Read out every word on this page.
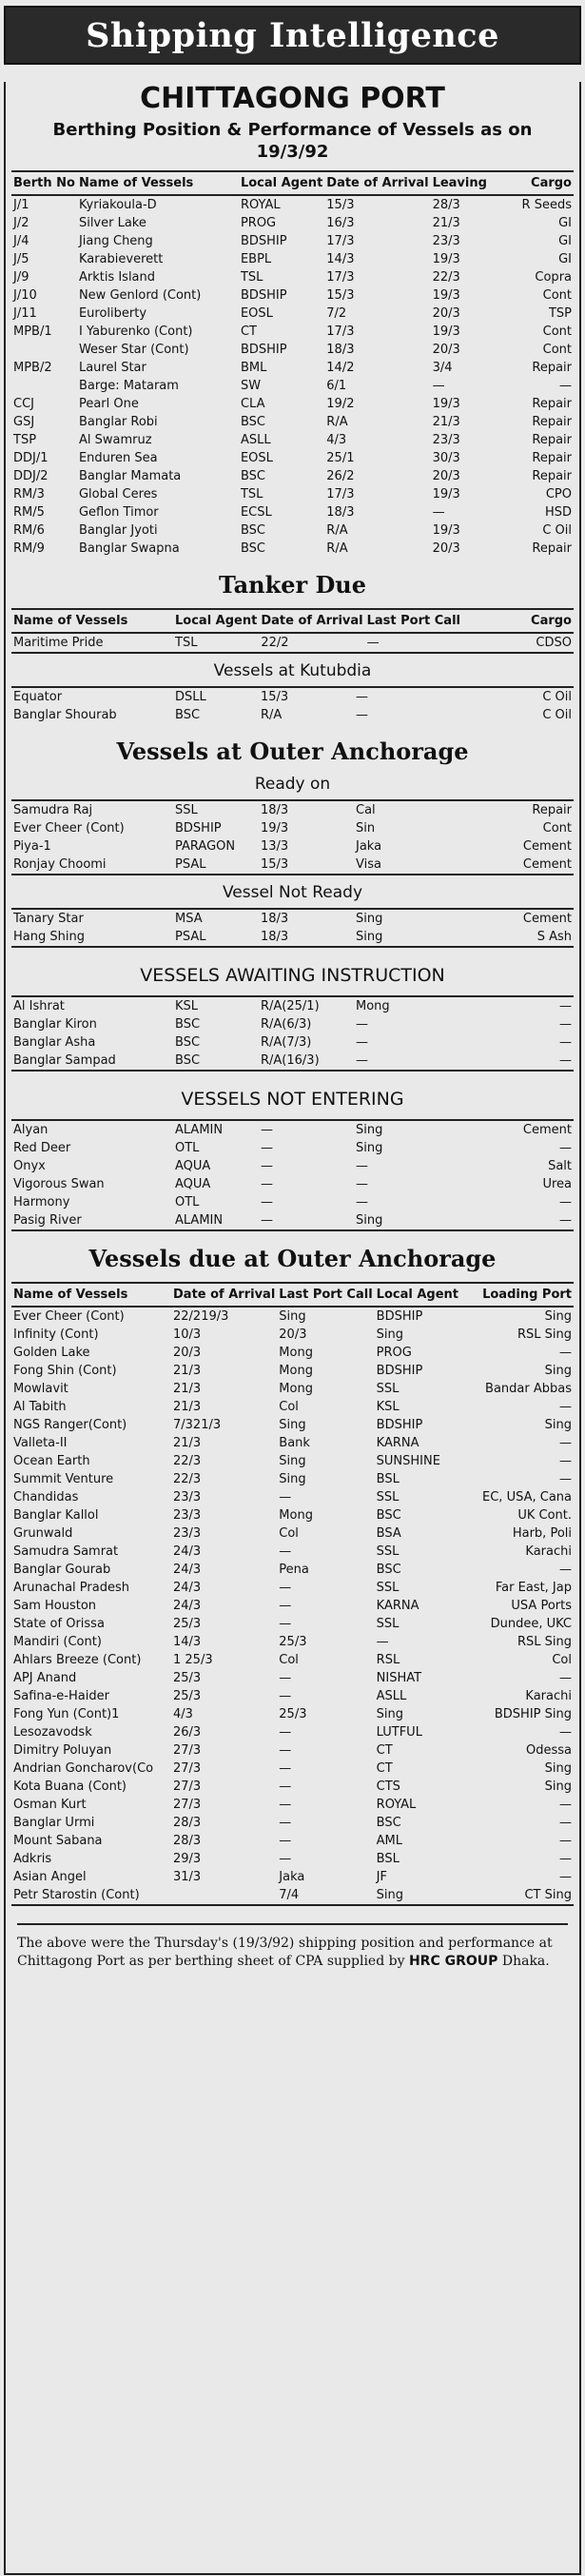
Shipping Intelligence
CHITTAGONG PORT
Berthing Position & Performance of Vessels as on 19/3/92
Berth No	Name of Vessels	Local Agent	Date of Arrival	Leaving	Cargo
J/1	Kyriakoula-D	ROYAL	15/3	28/3	R Seeds
J/2	Silver Lake	PROG	16/3	21/3	GI
J/4	Jiang Cheng	BDSHIP	17/3	23/3	GI
J/5	Karabieverett	EBPL	14/3	19/3	GI
J/9	Arktis Island	TSL	17/3	22/3	Copra
J/10	New Genlord (Cont)	BDSHIP	15/3	19/3	Cont
J/11	Euroliberty	EOSL	7/2	20/3	TSP
MPB/1	I Yaburenko (Cont)	CT	17/3	19/3	Cont
	Weser Star (Cont)	BDSHIP	18/3	20/3	Cont
MPB/2	Laurel Star	BML	14/2	3/4	Repair
	Barge: Mataram	SW	6/1	—	—
CCJ	Pearl One	CLA	19/2	19/3	Repair
GSJ	Banglar Robi	BSC	R/A	21/3	Repair
TSP	Al Swamruz	ASLL	4/3	23/3	Repair
DDJ/1	Enduren Sea	EOSL	25/1	30/3	Repair
DDJ/2	Banglar Mamata	BSC	26/2	20/3	Repair
RM/3	Global Ceres	TSL	17/3	19/3	CPO
RM/5	Geflon Timor	ECSL	18/3	—	HSD
RM/6	Banglar Jyoti	BSC	R/A	19/3	C Oil
RM/9	Banglar Swapna	BSC	R/A	20/3	Repair
Tanker Due
Name of Vessels	Local Agent	Date of Arrival	Last Port Call	Cargo
Maritime Pride	TSL	22/2	—	CDSO
Vessels at Kutubdia
Equator	DSLL	15/3	—	C Oil
Banglar Shourab	BSC	R/A	—	C Oil
Vessels at Outer Anchorage
Ready on
Samudra Raj	SSL	18/3	Cal	Repair
Ever Cheer (Cont)	BDSHIP	19/3	Sin	Cont
Piya-1	PARAGON	13/3	Jaka	Cement
Ronjay Choomi	PSAL	15/3	Visa	Cement
Vessel Not Ready
Tanary Star	MSA	18/3	Sing	Cement
Hang Shing	PSAL	18/3	Sing	S Ash
VESSELS AWAITING INSTRUCTION
Al Ishrat	KSL	R/A(25/1)	Mong	—
Banglar Kiron	BSC	R/A(6/3)	—	—
Banglar Asha	BSC	R/A(7/3)	—	—
Banglar Sampad	BSC	R/A(16/3)	—	—
VESSELS NOT ENTERING
Alyan	ALAMIN	—	Sing	Cement
Red Deer	OTL	—	Sing	—
Onyx	AQUA	—	—	Salt
Vigorous Swan	AQUA	—	—	Urea
Harmony	OTL	—	—	—
Pasig River	ALAMIN	—	Sing	—
Vessels due at Outer Anchorage
Name of Vessels	Date of Arrival	Last Port Call	Local Agent	Loading Port
Ever Cheer (Cont)	22/219/3	Sing	BDSHIP	Sing
Infinity (Cont)	10/3	20/3	Sing	RSL Sing
Golden Lake	20/3	Mong	PROG	—
Fong Shin (Cont)	21/3	Mong	BDSHIP	Sing
Mowlavit	21/3	Mong	SSL	Bandar Abbas
Al Tabith	21/3	Col	KSL	—
NGS Ranger(Cont)	7/321/3	Sing	BDSHIP	Sing
Valleta-II	21/3	Bank	KARNA	—
Ocean Earth	22/3	Sing	SUNSHINE	—
Summit Venture	22/3	Sing	BSL	—
Chandidas	23/3	—	SSL	EC, USA, Cana
Banglar Kallol	23/3	Mong	BSC	UK Cont.
Grunwald	23/3	Col	BSA	Harb, Poli
Samudra Samrat	24/3	—	SSL	Karachi
Banglar Gourab	24/3	Pena	BSC	—
Arunachal Pradesh	24/3	—	SSL	Far East, Jap
Sam Houston	24/3	—	KARNA	USA Ports
State of Orissa	25/3	—	SSL	Dundee, UKC
Mandiri (Cont)	14/3	25/3	—	RSL Sing
Ahlars Breeze (Cont)	1 25/3	Col	RSL	Col
APJ Anand	25/3	—	NISHAT	—
Safina-e-Haider	25/3	—	ASLL	Karachi
Fong Yun (Cont)1	4/3	25/3	Sing	BDSHIP Sing
Lesozavodsk	26/3	—	LUTFUL	—
Dimitry Poluyan	27/3	—	CT	Odessa
Andrian Goncharov(Co	27/3	—	CT	Sing
Kota Buana (Cont)	27/3	—	CTS	Sing
Osman Kurt	27/3	—	ROYAL	—
Banglar Urmi	28/3	—	BSC	—
Mount Sabana	28/3	—	AML	—
Adkris	29/3	—	BSL	—
Asian Angel	31/3	Jaka	JF	—
Petr Starostin (Cont)		7/4	Sing	CT Sing
The above were the Thursday's (19/3/92) shipping position and performance at Chittagong Port as per berthing sheet of CPA supplied by HRC GROUP Dhaka.
